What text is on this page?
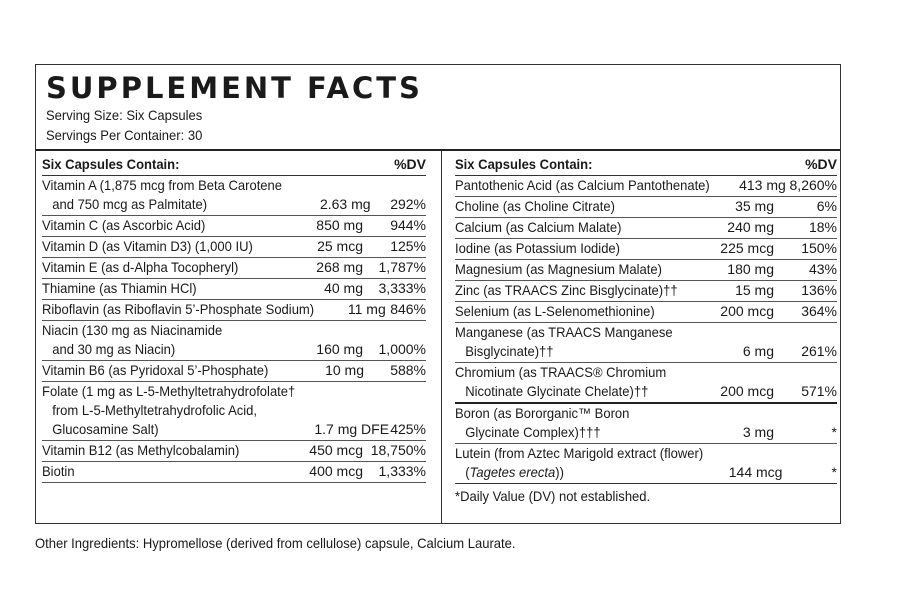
SUPPLEMENT FACTS
Serving Size: Six Capsules
Servings Per Container: 30
Six Capsules Contain:	%DV
Vitamin A (1,875 mcg from Beta Carotene
and 750 mcg as Palmitate)	2.63 mg	292%
Vitamin C (as Ascorbic Acid)	850 mg	944%
Vitamin D (as Vitamin D3) (1,000 IU)	25 mcg	125%
Vitamin E (as d-Alpha Tocopheryl)	268 mg	1,787%
Thiamine (as Thiamin HCl)	40 mg	3,333%
Riboflavin (as Riboflavin 5’-Phosphate Sodium)	11 mg 846%
Niacin (130 mg as Niacinamide
and 30 mg as Niacin)	160 mg	1,000%
Vitamin B6 (as Pyridoxal 5’-Phosphate)	10 mg	588%
Folate (1 mg as L-5-Methyltetrahydrofolate†
from L-5-Methyltetrahydrofolic Acid,
Glucosamine Salt)	1.7 mg DFE 425%
Vitamin B12 (as Methylcobalamin)	450 mcg 18,750%
Biotin	400 mcg	1,333%
Six Capsules Contain:	%DV
Pantothenic Acid (as Calcium Pantothenate)	413 mg 8,260%
Choline (as Choline Citrate)	35 mg	6%
Calcium (as Calcium Malate)	240 mg	18%
Iodine (as Potassium Iodide)	225 mcg	150%
Magnesium (as Magnesium Malate)	180 mg	43%
Zinc (as TRAACS Zinc Bisglycinate)††	15 mg	136%
Selenium (as L-Selenomethionine)	200 mcg	364%
Manganese (as TRAACS Manganese
Bisglycinate)††	6 mg	261%
Chromium (as TRAACS® Chromium
Nicotinate Glycinate Chelate)††	200 mcg	571%
Boron (as Bororganic™ Boron
Glycinate Complex)†††	3 mg	*
Lutein (from Aztec Marigold extract (flower)
(Tagetes erecta))	144 mcg	*
*Daily Value (DV) not established.
Other Ingredients: Hypromellose (derived from cellulose) capsule, Calcium Laurate.
